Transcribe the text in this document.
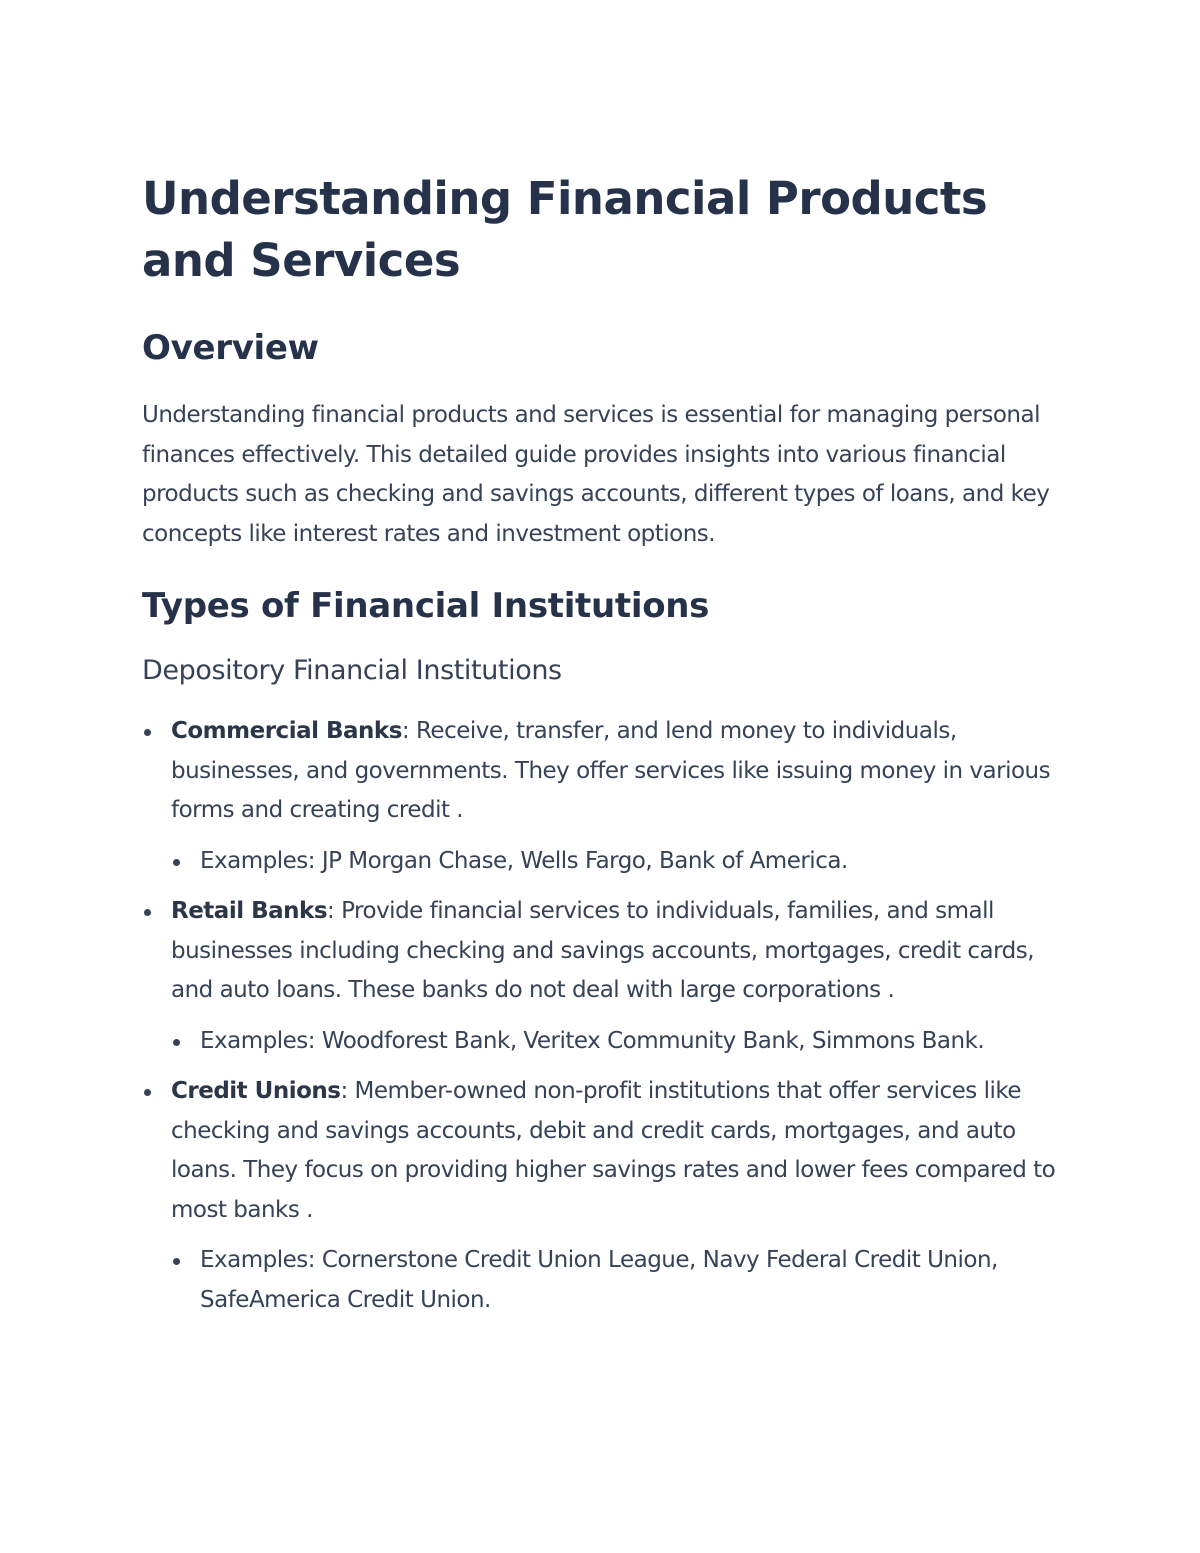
Understanding Financial Products and Services
Overview

Understanding financial products and services is essential for managing personal finances effectively. This detailed guide provides insights into various financial products such as checking and savings accounts, different types of loans, and key concepts like interest rates and investment options.

Types of Financial Institutions
Depository Financial Institutions
Commercial Banks: Receive, transfer, and lend money to individuals, businesses, and governments. They offer services like issuing money in various forms and creating credit .
Examples: JP Morgan Chase, Wells Fargo, Bank of America.
Retail Banks: Provide financial services to individuals, families, and small businesses including checking and savings accounts, mortgages, credit cards, and auto loans. These banks do not deal with large corporations .
Examples: Woodforest Bank, Veritex Community Bank, Simmons Bank.
Credit Unions: Member-owned non-profit institutions that offer services like checking and savings accounts, debit and credit cards, mortgages, and auto loans. They focus on providing higher savings rates and lower fees compared to most banks .
Examples: Cornerstone Credit Union League, Navy Federal Credit Union, SafeAmerica Credit Union.
